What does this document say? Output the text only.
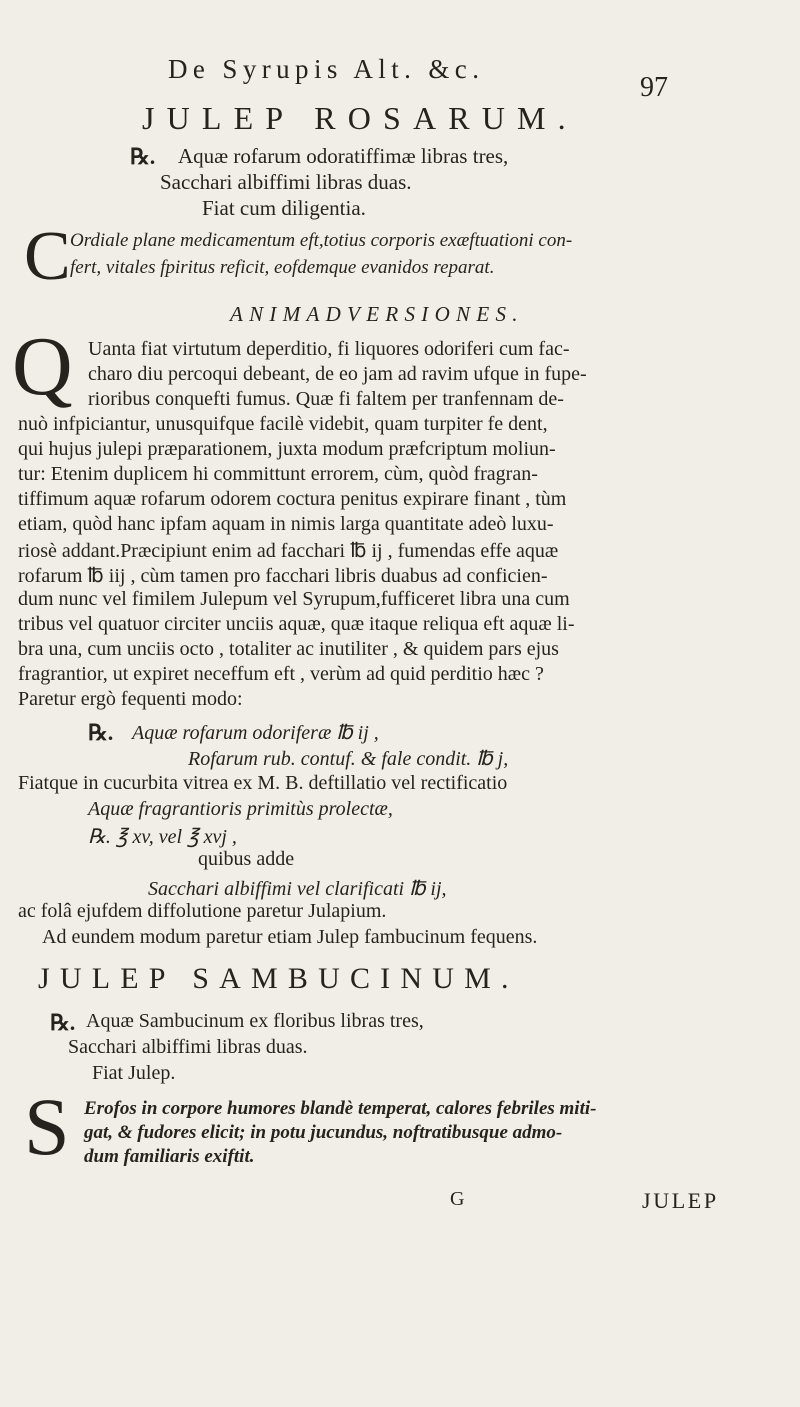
De Syrupis Alt. &c.
97
JULEP ROSARUM.
℞. Aquæ rofarum odoratiffimæ libras tres,
Sacchari albiffimi libras duas.
Fiat cum diligentia.
C Ordiale plane medicamentum eft,totius corporis exæftuationi con-
fert, vitales fpiritus reficit, eofdemque evanidos reparat.
ANIMADVERSIONES.
Q Uanta fiat virtutum deperditio, fi liquores odoriferi cum fac-
charo diu percoqui debeant, de eo jam ad ravim ufque in fupe-
rioribus conquefti fumus. Quæ fi faltem per tranfennam de-
nuò infpiciantur, unusquifque facilè videbit, quam turpiter fe dent,
qui hujus julepi præparationem, juxta modum præfcriptum moliun-
tur: Etenim duplicem hi committunt errorem, cùm, quòd fragran-
tiffimum aquæ rofarum odorem coctura penitus expirare finant , tùm
etiam, quòd hanc ipfam aquam in nimis larga quantitate adeò luxu-
riosè addant.Præcipiunt enim ad facchari ℔ ij , fumendas effe aquæ
rofarum ℔ iij , cùm tamen pro facchari libris duabus ad conficien-
dum nunc vel fimilem Julepum vel Syrupum,fufficeret libra una cum
tribus vel quatuor circiter unciis aquæ, quæ itaque reliqua eft aquæ li-
bra una, cum unciis octo , totaliter ac inutiliter , & quidem pars ejus
fragrantior, ut expiret neceffum eft , verùm ad quid perditio hæc ?
Paretur ergò fequenti modo:
℞. Aquæ rofarum odoriferæ ℔ ij ,
Rofarum rub. contuf. & fale condit. ℔ j,
Fiatque in cucurbita vitrea ex M. B. deftillatio vel rectificatio
Aquæ fragrantioris primitùs prolectæ,
℞. ℥ xv, vel ℥ xvj ,
quibus adde
Sacchari albiffimi vel clarificati ℔ ij,
ac folâ ejufdem diffolutione paretur Julapium.
Ad eundem modum paretur etiam Julep fambucinum fequens.
JULEP SAMBUCINUM.
℞. Aquæ Sambucinum ex floribus libras tres,
Sacchari albiffimi libras duas.
Fiat Julep.
S Erofos in corpore humores blandè temperat, calores febriles miti-
gat, & fudores elicit; in potu jucundus, noftratibusque admo-
dum familiaris exiftit.
G	JULEP
